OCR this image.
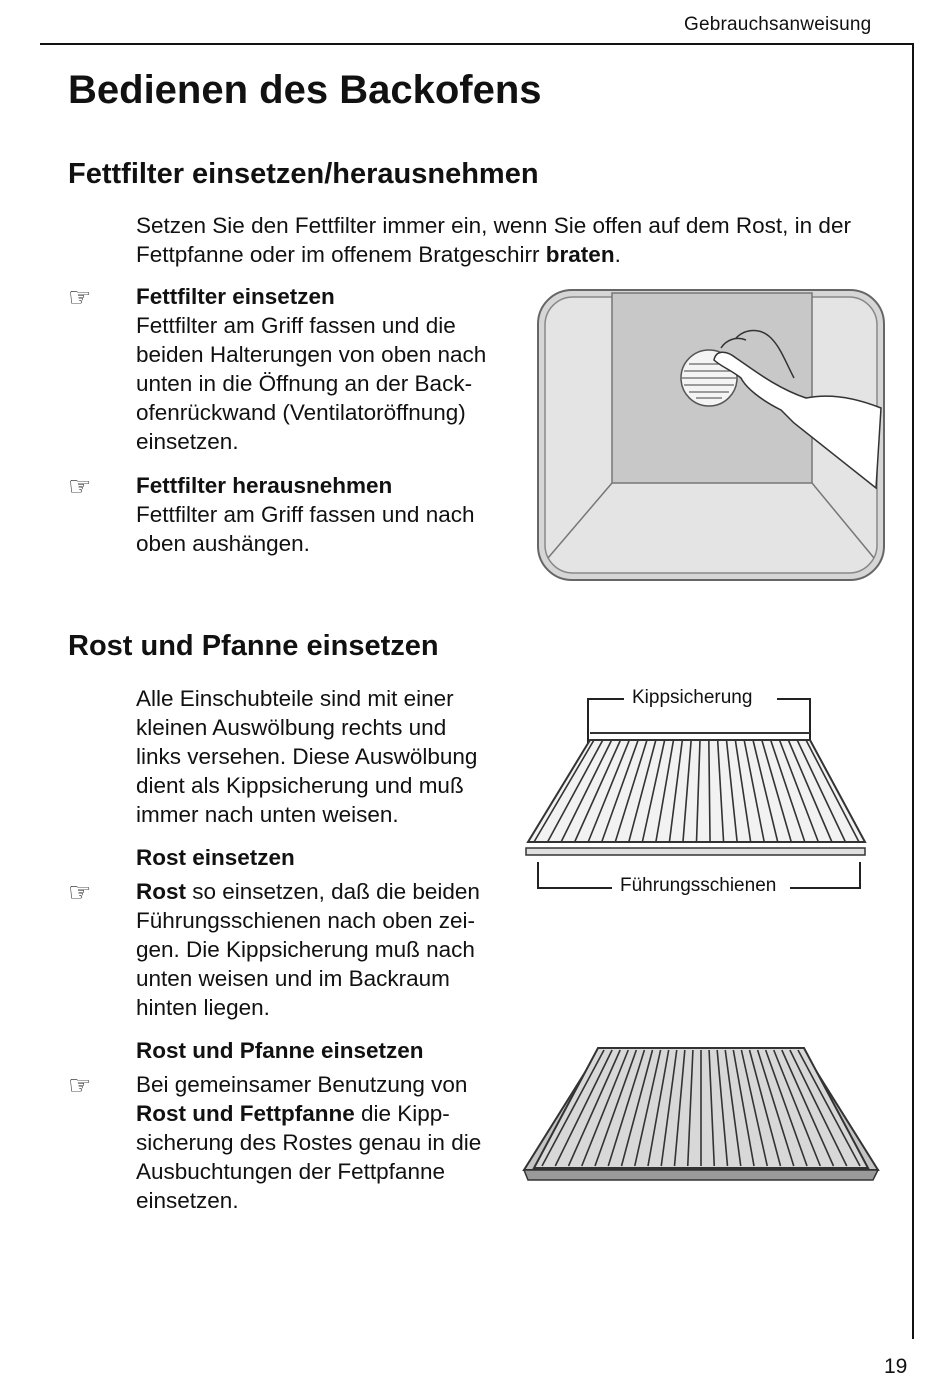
Gebrauchsanweisung
Bedienen des Backofens
Fettfilter einsetzen/herausnehmen
Setzen Sie den Fettfilter immer ein, wenn Sie offen auf dem Rost, in der
Fettpfanne oder im offenem Bratgeschirr braten.
☞ Fettfilter einsetzen
Fettfilter am Griff fassen und die
beiden Halterungen von oben nach
unten in die Öffnung an der Back-
ofenrückwand (Ventilatoröffnung)
einsetzen.
☞ Fettfilter herausnehmen
Fettfilter am Griff fassen und nach
oben aushängen.
Rost und Pfanne einsetzen
Alle Einschubteile sind mit einer
kleinen Auswölbung rechts und
links versehen. Diese Auswölbung
dient als Kippsicherung und muß
immer nach unten weisen.
Rost einsetzen
☞ Rost so einsetzen, daß die beiden
Führungsschienen nach oben zei-
gen. Die Kippsicherung muß nach
unten weisen und im Backraum
hinten liegen.
Rost und Pfanne einsetzen
☞ Bei gemeinsamer Benutzung von
Rost und Fettpfanne die Kipp-
sicherung des Rostes genau in die
Ausbuchtungen der Fettpfanne
einsetzen.
Kippsicherung
Führungsschienen
19
